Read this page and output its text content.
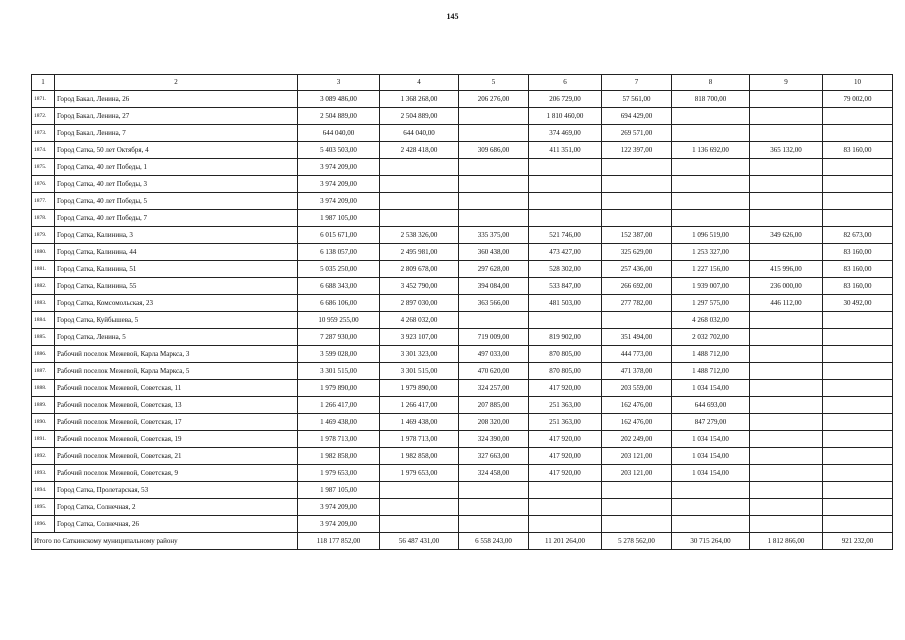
145
1	2	3	4	5	6	7	8	9	10
1871.	Город Бакал, Ленина, 26	3 089 486,00	1 368 268,00	206 276,00	206 729,00	57 561,00	818 700,00		79 002,00
1872.	Город Бакал, Ленина, 27	2 504 889,00	2 504 889,00		1 810 460,00	694 429,00			
1873.	Город Бакал, Ленина, 7	644 040,00	644 040,00		374 469,00	269 571,00			
1874.	Город Сатка, 50 лет Октября, 4	5 403 503,00	2 428 418,00	309 686,00	411 351,00	122 397,00	1 136 692,00	365 132,00	83 160,00
1875.	Город Сатка, 40 лет Победы, 1	3 974 209,00							
1876.	Город Сатка, 40 лет Победы, 3	3 974 209,00							
1877.	Город Сатка, 40 лет Победы, 5	3 974 209,00							
1878.	Город Сатка, 40 лет Победы, 7	1 987 105,00							
1879.	Город Сатка, Калинина, 3	6 015 671,00	2 538 326,00	335 375,00	521 746,00	152 387,00	1 096 519,00	349 626,00	82 673,00
1880.	Город Сатка, Калинина, 44	6 138 057,00	2 495 981,00	360 438,00	473 427,00	325 629,00	1 253 327,00		83 160,00
1881.	Город Сатка, Калинина, 51	5 035 250,00	2 809 678,00	297 628,00	528 302,00	257 436,00	1 227 156,00	415 996,00	83 160,00
1882.	Город Сатка, Калинина, 55	6 688 343,00	3 452 790,00	394 084,00	533 847,00	266 692,00	1 939 007,00	236 000,00	83 160,00
1883.	Город Сатка, Комсомольская, 23	6 686 106,00	2 897 030,00	363 566,00	481 503,00	277 782,00	1 297 575,00	446 112,00	30 492,00
1884.	Город Сатка, Куйбышева, 5	10 959 255,00	4 268 032,00				4 268 032,00		
1885.	Город Сатка, Ленина, 5	7 287 930,00	3 923 107,00	719 009,00	819 902,00	351 494,00	2 032 702,00		
1886.	Рабочий поселок Межевой, Карла Маркса, 3	3 599 028,00	3 301 323,00	497 033,00	870 805,00	444 773,00	1 488 712,00		
1887.	Рабочий поселок Межевой, Карла Маркса, 5	3 301 515,00	3 301 515,00	470 620,00	870 805,00	471 378,00	1 488 712,00		
1888.	Рабочий поселок Межевой, Советская, 11	1 979 890,00	1 979 890,00	324 257,00	417 920,00	203 559,00	1 034 154,00		
1889.	Рабочий поселок Межевой, Советская, 13	1 266 417,00	1 266 417,00	207 885,00	251 363,00	162 476,00	644 693,00		
1890.	Рабочий поселок Межевой, Советская, 17	1 469 438,00	1 469 438,00	208 320,00	251 363,00	162 476,00	847 279,00		
1891.	Рабочий поселок Межевой, Советская, 19	1 978 713,00	1 978 713,00	324 390,00	417 920,00	202 249,00	1 034 154,00		
1892.	Рабочий поселок Межевой, Советская, 21	1 982 858,00	1 982 858,00	327 663,00	417 920,00	203 121,00	1 034 154,00		
1893.	Рабочий поселок Межевой, Советская, 9	1 979 653,00	1 979 653,00	324 458,00	417 920,00	203 121,00	1 034 154,00		
1894.	Город Сатка, Пролетарская, 53	1 987 105,00							
1895.	Город Сатка, Солнечная, 2	3 974 209,00							
1896.	Город Сатка, Солнечная, 26	3 974 209,00							
Итого по Саткинскому муниципальному району		118 177 852,00	56 487 431,00	6 558 243,00	11 201 264,00	5 278 562,00	30 715 264,00	1 812 866,00	921 232,00
